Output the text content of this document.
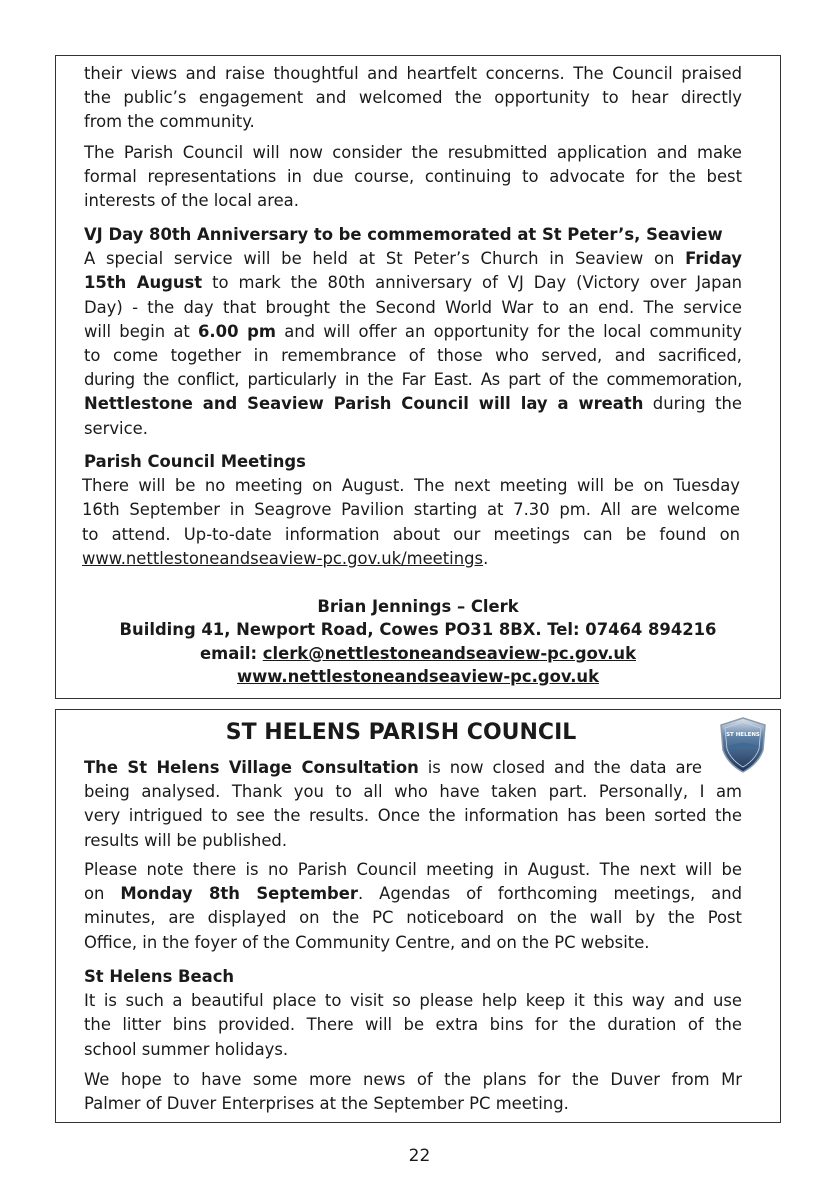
their views and raise thoughtful and heartfelt concerns. The Council praised

the public’s engagement and welcomed the opportunity to hear directly

from the community.

The Parish Council will now consider the resubmitted application and make

formal representations in due course, continuing to advocate for the best

interests of the local area.

VJ Day 80th Anniversary to be commemorated at St Peter’s, Seaview

A special service will be held at St Peter’s Church in Seaview on Friday

15th August to mark the 80th anniversary of VJ Day (Victory over Japan

Day) - the day that brought the Second World War to an end. The service

will begin at 6.00 pm and will offer an opportunity for the local community

to come together in remembrance of those who served, and sacrificed,

during the conflict, particularly in the Far East. As part of the commemoration,

Nettlestone and Seaview Parish Council will lay a wreath during the

service.

Parish Council Meetings

There will be no meeting on August. The next meeting will be on Tuesday

16th September in Seagrove Pavilion starting at 7.30 pm. All are welcome

to attend. Up-to-date information about our meetings can be found on

www.nettlestoneandseaview-pc.gov.uk/meetings.

Brian Jennings – Clerk
Building 41, Newport Road, Cowes PO31 8BX. Tel: 07464 894216
email: clerk@nettlestoneandseaview-pc.gov.uk
www.nettlestoneandseaview-pc.gov.uk
ST HELENS PARISH COUNCIL	ST HELENS

The St Helens Village Consultation is now closed and the data are

being analysed. Thank you to all who have taken part. Personally, I am

very intrigued to see the results. Once the information has been sorted the

results will be published.

Please note there is no Parish Council meeting in August. The next will be

on Monday 8th September. Agendas of forthcoming meetings, and

minutes, are displayed on the PC noticeboard on the wall by the Post

Office, in the foyer of the Community Centre, and on the PC website.

St Helens Beach

It is such a beautiful place to visit so please help keep it this way and use

the litter bins provided. There will be extra bins for the duration of the

school summer holidays.

We hope to have some more news of the plans for the Duver from Mr

Palmer of Duver Enterprises at the September PC meeting.

22
